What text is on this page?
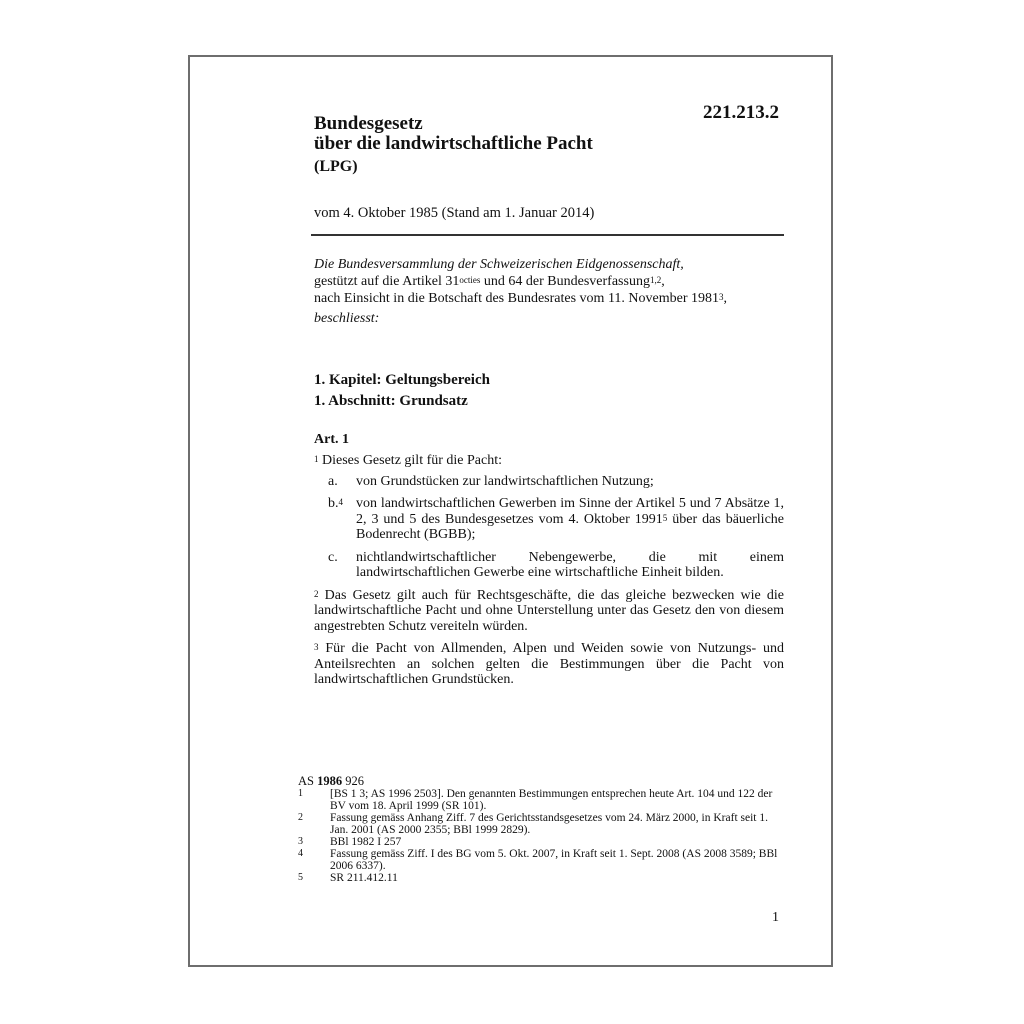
Bundesgesetz
über die landwirtschaftliche Pacht
(LPG)
221.213.2
vom 4. Oktober 1985 (Stand am 1. Januar 2014)
Die Bundesversammlung der Schweizerischen Eidgenossenschaft,
gestützt auf die Artikel $31^{octies}$ und 64 der Bundesverfassung$^{1,2}$,
nach Einsicht in die Botschaft des Bundesrates vom 11. November 1981$^3$,
beschliesst:
1. Kapitel: Geltungsbereich
1. Abschnitt: Grundsatz
Art. 1
$^1$ Dieses Gesetz gilt für die Pacht:
a.	von Grundstücken zur landwirtschaftlichen Nutzung;
b.$^4$ von landwirtschaftlichen Gewerben im Sinne der Artikel 5 und 7 Absätze 1, 2, 3 und 5 des Bundesgesetzes vom 4. Oktober 1991$^5$ über das bäuerliche Bodenrecht (BGBB);
c.	nichtlandwirtschaftlicher Nebengewerbe, die mit einem landwirtschaftlichen Gewerbe eine wirtschaftliche Einheit bilden.
$^2$ Das Gesetz gilt auch für Rechtsgeschäfte, die das gleiche bezwecken wie die landwirtschaftliche Pacht und ohne Unterstellung unter das Gesetz den von diesem angestrebten Schutz vereiteln würden.
$^3$ Für die Pacht von Allmenden, Alpen und Weiden sowie von Nutzungs- und Anteilsrechten an solchen gelten die Bestimmungen über die Pacht von landwirtschaftlichen Grundstücken.
AS 1986 926
1	[BS 1 3; AS 1996 2503]. Den genannten Bestimmungen entsprechen heute Art. 104 und 122 der BV vom 18. April 1999 (SR 101).
2	Fassung gemäss Anhang Ziff. 7 des Gerichtsstandsgesetzes vom 24. März 2000, in Kraft seit 1. Jan. 2001 (AS 2000 2355; BBl 1999 2829).
3	BBl 1982 I 257
4	Fassung gemäss Ziff. I des BG vom 5. Okt. 2007, in Kraft seit 1. Sept. 2008 (AS 2008 3589; BBl 2006 6337).
5	SR 211.412.11
1
